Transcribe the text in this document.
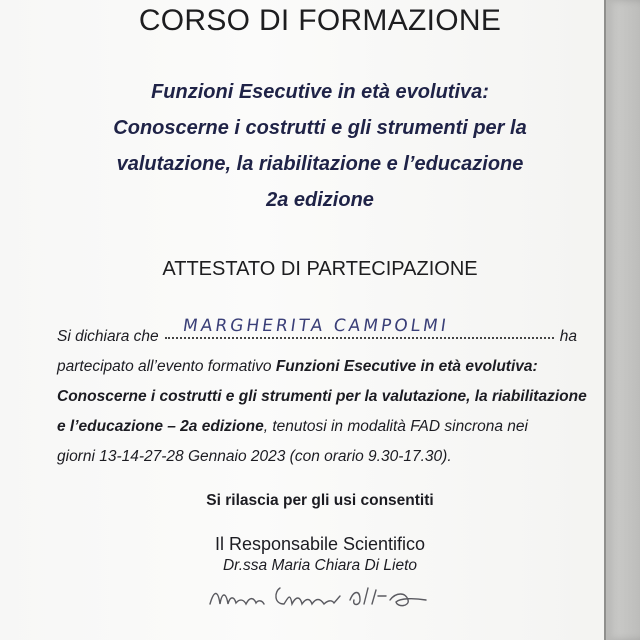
CORSO DI FORMAZIONE
Funzioni Esecutive in età evolutiva:
Conoscerne i costrutti e gli strumenti per la
valutazione, la riabilitazione e l’educazione
2a edizione
ATTESTATO DI PARTECIPAZIONE
Si dichiara che
MARGHERITA CAMPOLMI
ha
partecipato all’evento formativo Funzioni Esecutive in età evolutiva:
Conoscerne i costrutti e gli strumenti per la valutazione, la riabilitazione
e l’educazione – 2a edizione, tenutosi in modalità FAD sincrona nei
giorni 13-14-27-28 Gennaio 2023 (con orario 9.30-17.30).
Si rilascia per gli usi consentiti
Il Responsabile Scientifico
Dr.ssa Maria Chiara Di Lieto
